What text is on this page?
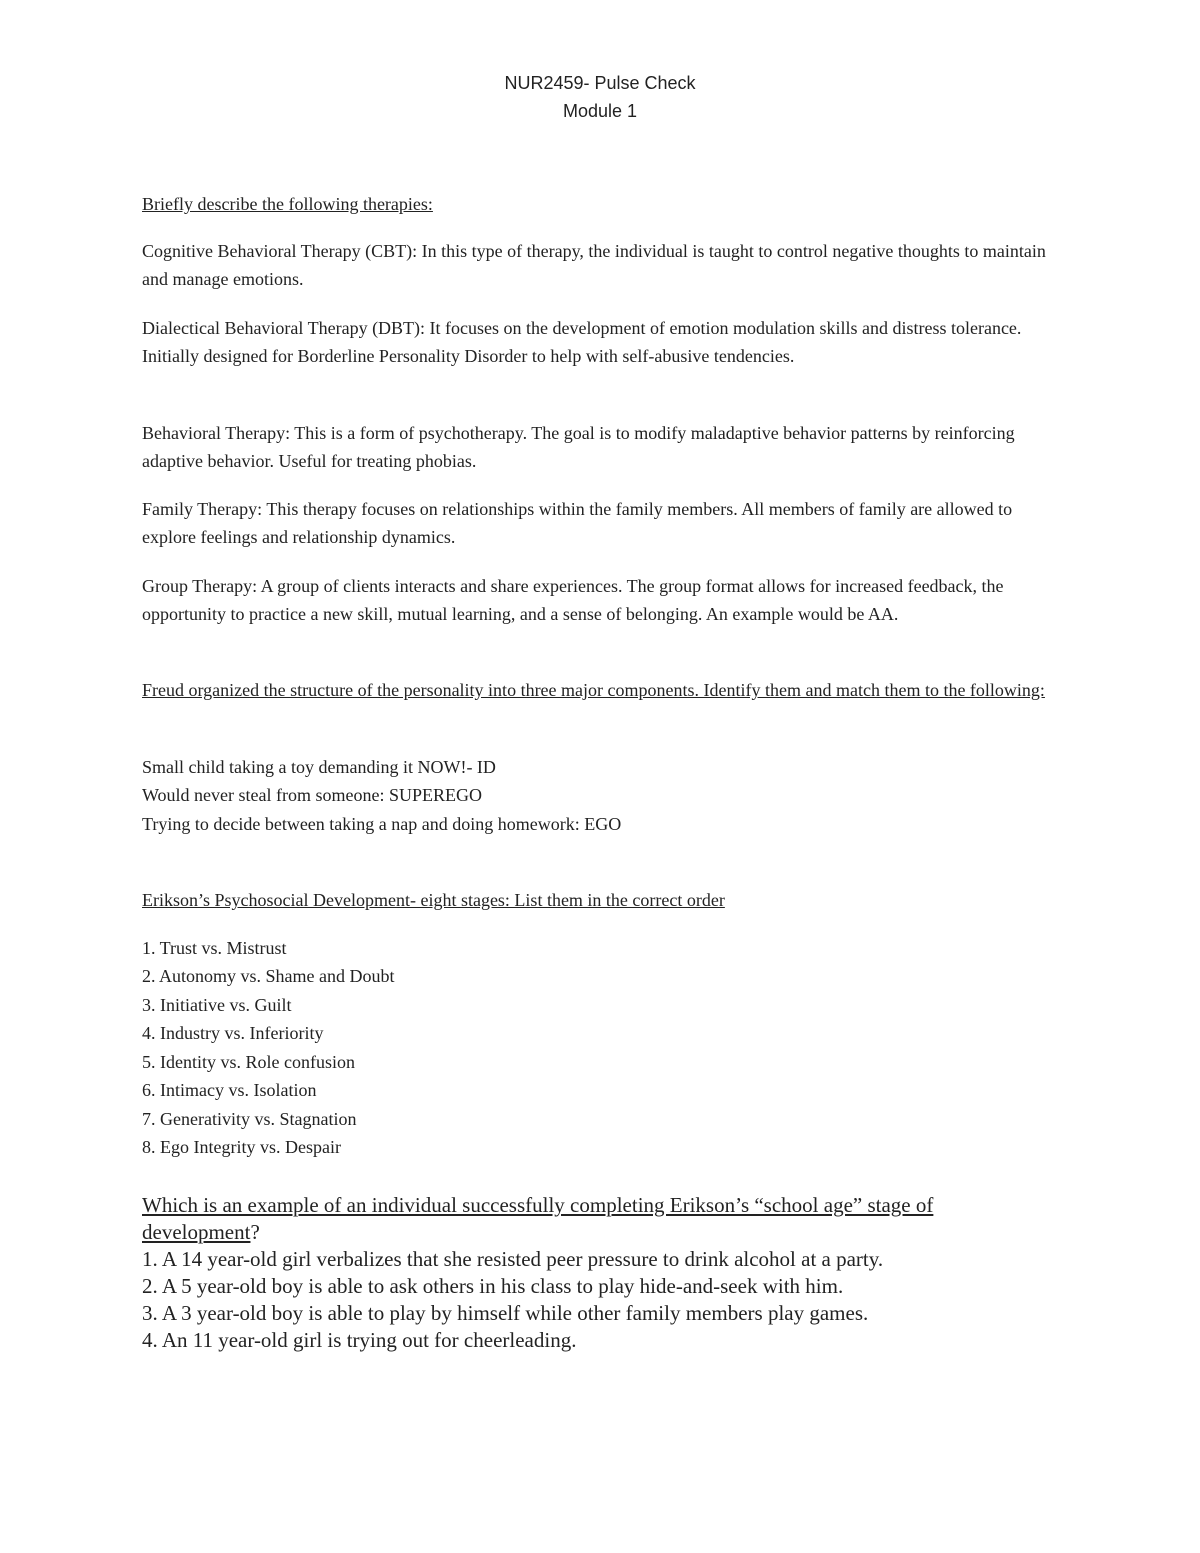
NUR2459- Pulse Check
Module 1
Briefly describe the following therapies:

Cognitive Behavioral Therapy (CBT): In this type of therapy, the individual is taught to control negative thoughts to maintain and manage emotions.

Dialectical Behavioral Therapy (DBT): It focuses on the development of emotion modulation skills and distress tolerance. Initially designed for Borderline Personality Disorder to help with self-abusive tendencies.

Behavioral Therapy: This is a form of psychotherapy. The goal is to modify maladaptive behavior patterns by reinforcing adaptive behavior. Useful for treating phobias.

Family Therapy: This therapy focuses on relationships within the family members. All members of family are allowed to explore feelings and relationship dynamics.

Group Therapy: A group of clients interacts and share experiences. The group format allows for increased feedback, the opportunity to practice a new skill, mutual learning, and a sense of belonging. An example would be AA.

Freud organized the structure of the personality into three major components. Identify them and match them to the following:

Small child taking a toy demanding it NOW!- ID

Would never steal from someone: SUPEREGO

Trying to decide between taking a nap and doing homework: EGO

Erikson’s Psychosocial Development- eight stages: List them in the correct order

1. Trust vs. Mistrust

2. Autonomy vs. Shame and Doubt

3. Initiative vs. Guilt

4. Industry vs. Inferiority

5. Identity vs. Role confusion

6. Intimacy vs. Isolation

7. Generativity vs. Stagnation

8. Ego Integrity vs. Despair

Which is an example of an individual successfully completing Erikson’s “school age” stage of development?

1. A 14 year-old girl verbalizes that she resisted peer pressure to drink alcohol at a party.

2. A 5 year-old boy is able to ask others in his class to play hide-and-seek with him.

3. A 3 year-old boy is able to play by himself while other family members play games.

4. An 11 year-old girl is trying out for cheerleading.
